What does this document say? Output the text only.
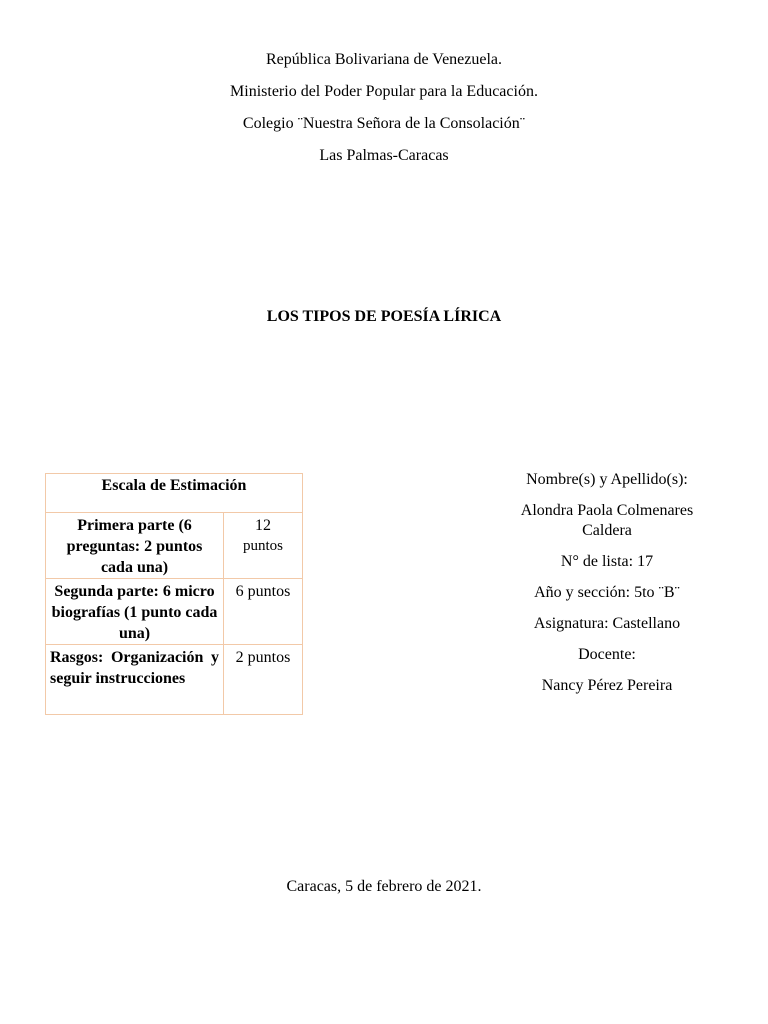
República Bolivariana de Venezuela.

Ministerio del Poder Popular para la Educación.

Colegio ¨Nuestra Señora de la Consolación¨

Las Palmas-Caracas

LOS TIPOS DE POESÍA LÍRICA

Escala de Estimación	
Primera parte (6 preguntas: 2 puntos cada una)	12
puntos

Segunda parte: 6 micro biografías (1 punto cada una)	6 puntos
Rasgos: Organización y seguir instrucciones	2 puntos

Nombre(s) y Apellido(s):

Alondra Paola Colmenares Caldera

N° de lista: 17

Año y sección: 5to ¨B¨

Asignatura: Castellano

Docente:

Nancy Pérez Pereira

Caracas, 5 de febrero de 2021.
